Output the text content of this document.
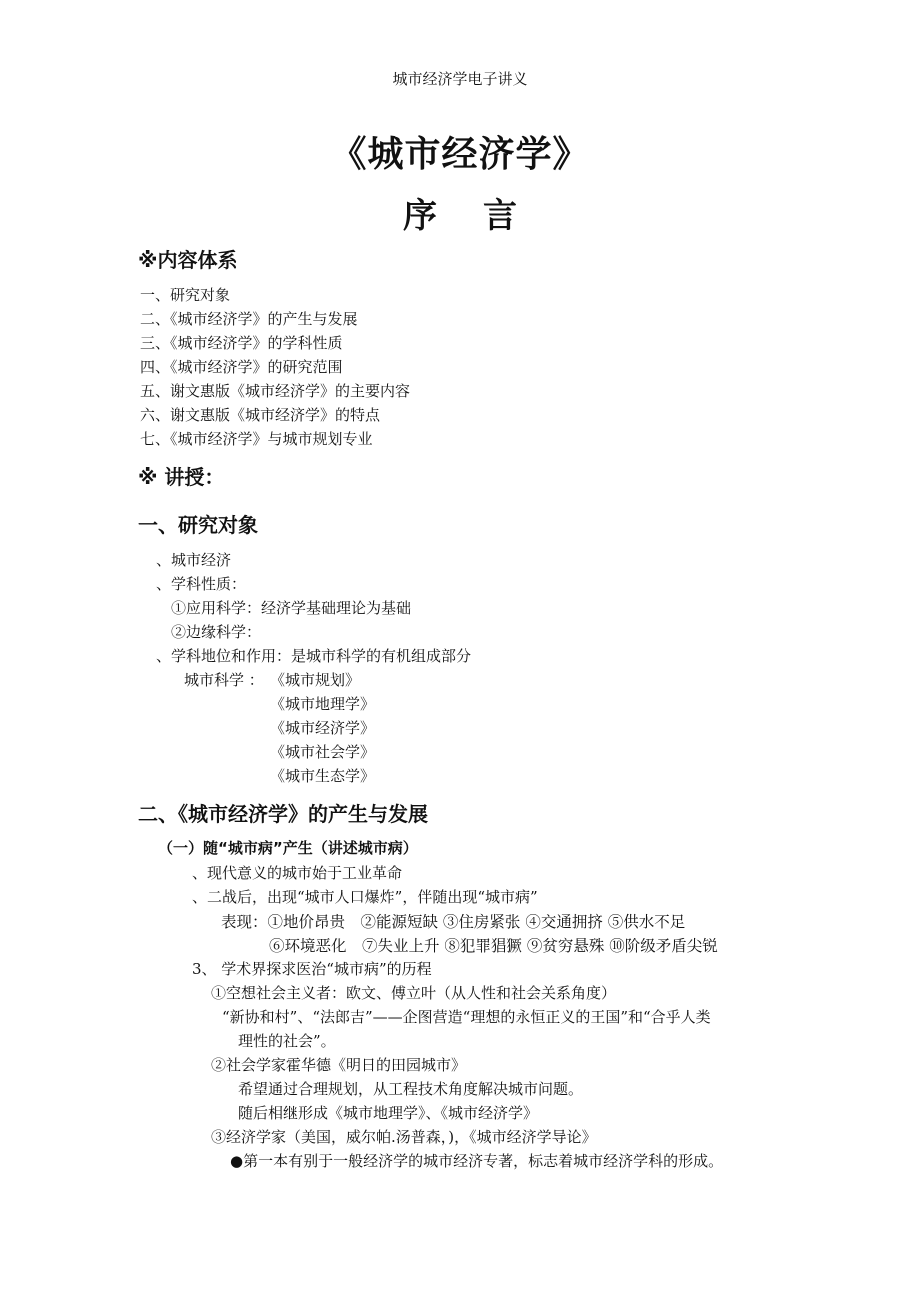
城市经济学电子讲义
《城市经济学》
序 言
※内容体系
一、研究对象
二、《城市经济学》的产生与发展
三、《城市经济学》的学科性质
四、《城市经济学》的研究范围
五、谢文惠版《城市经济学》的主要内容
六、谢文惠版《城市经济学》的特点
七、《城市经济学》与城市规划专业
※ 讲授：
一、研究对象
、城市经济
、学科性质：
①应用科学：经济学基础理论为基础
②边缘科学：
、学科地位和作用：是城市科学的有机组成部分
城市科学 ： 《城市规划》
《城市地理学》
《城市经济学》
《城市社会学》
《城市生态学》
二、《城市经济学》的产生与发展
（一）随“城市病”产生（讲述城市病）
、现代意义的城市始于工业革命
、二战后，出现“城市人口爆炸”，伴随出现“城市病”
表现：①地价昂贵　②能源短缺 ③住房紧张 ④交通拥挤 ⑤供水不足
⑥环境恶化　⑦失业上升 ⑧犯罪猖獗 ⑨贫穷悬殊 ⑩阶级矛盾尖锐
3、 学术界探求医治“城市病”的历程
①空想社会主义者：欧文、傅立叶（从人性和社会关系角度）
“新协和村”、“法郎吉”——企图营造“理想的永恒正义的王国”和“合乎人类
理性的社会”。
②社会学家霍华德《明日的田园城市》
希望通过合理规划，从工程技术角度解决城市问题。
随后相继形成《城市地理学》、《城市经济学》
③经济学家（美国，威尔帕.汤普森，)，《城市经济学导论》
●第一本有别于一般经济学的城市经济专著，标志着城市经济学科的形成。
